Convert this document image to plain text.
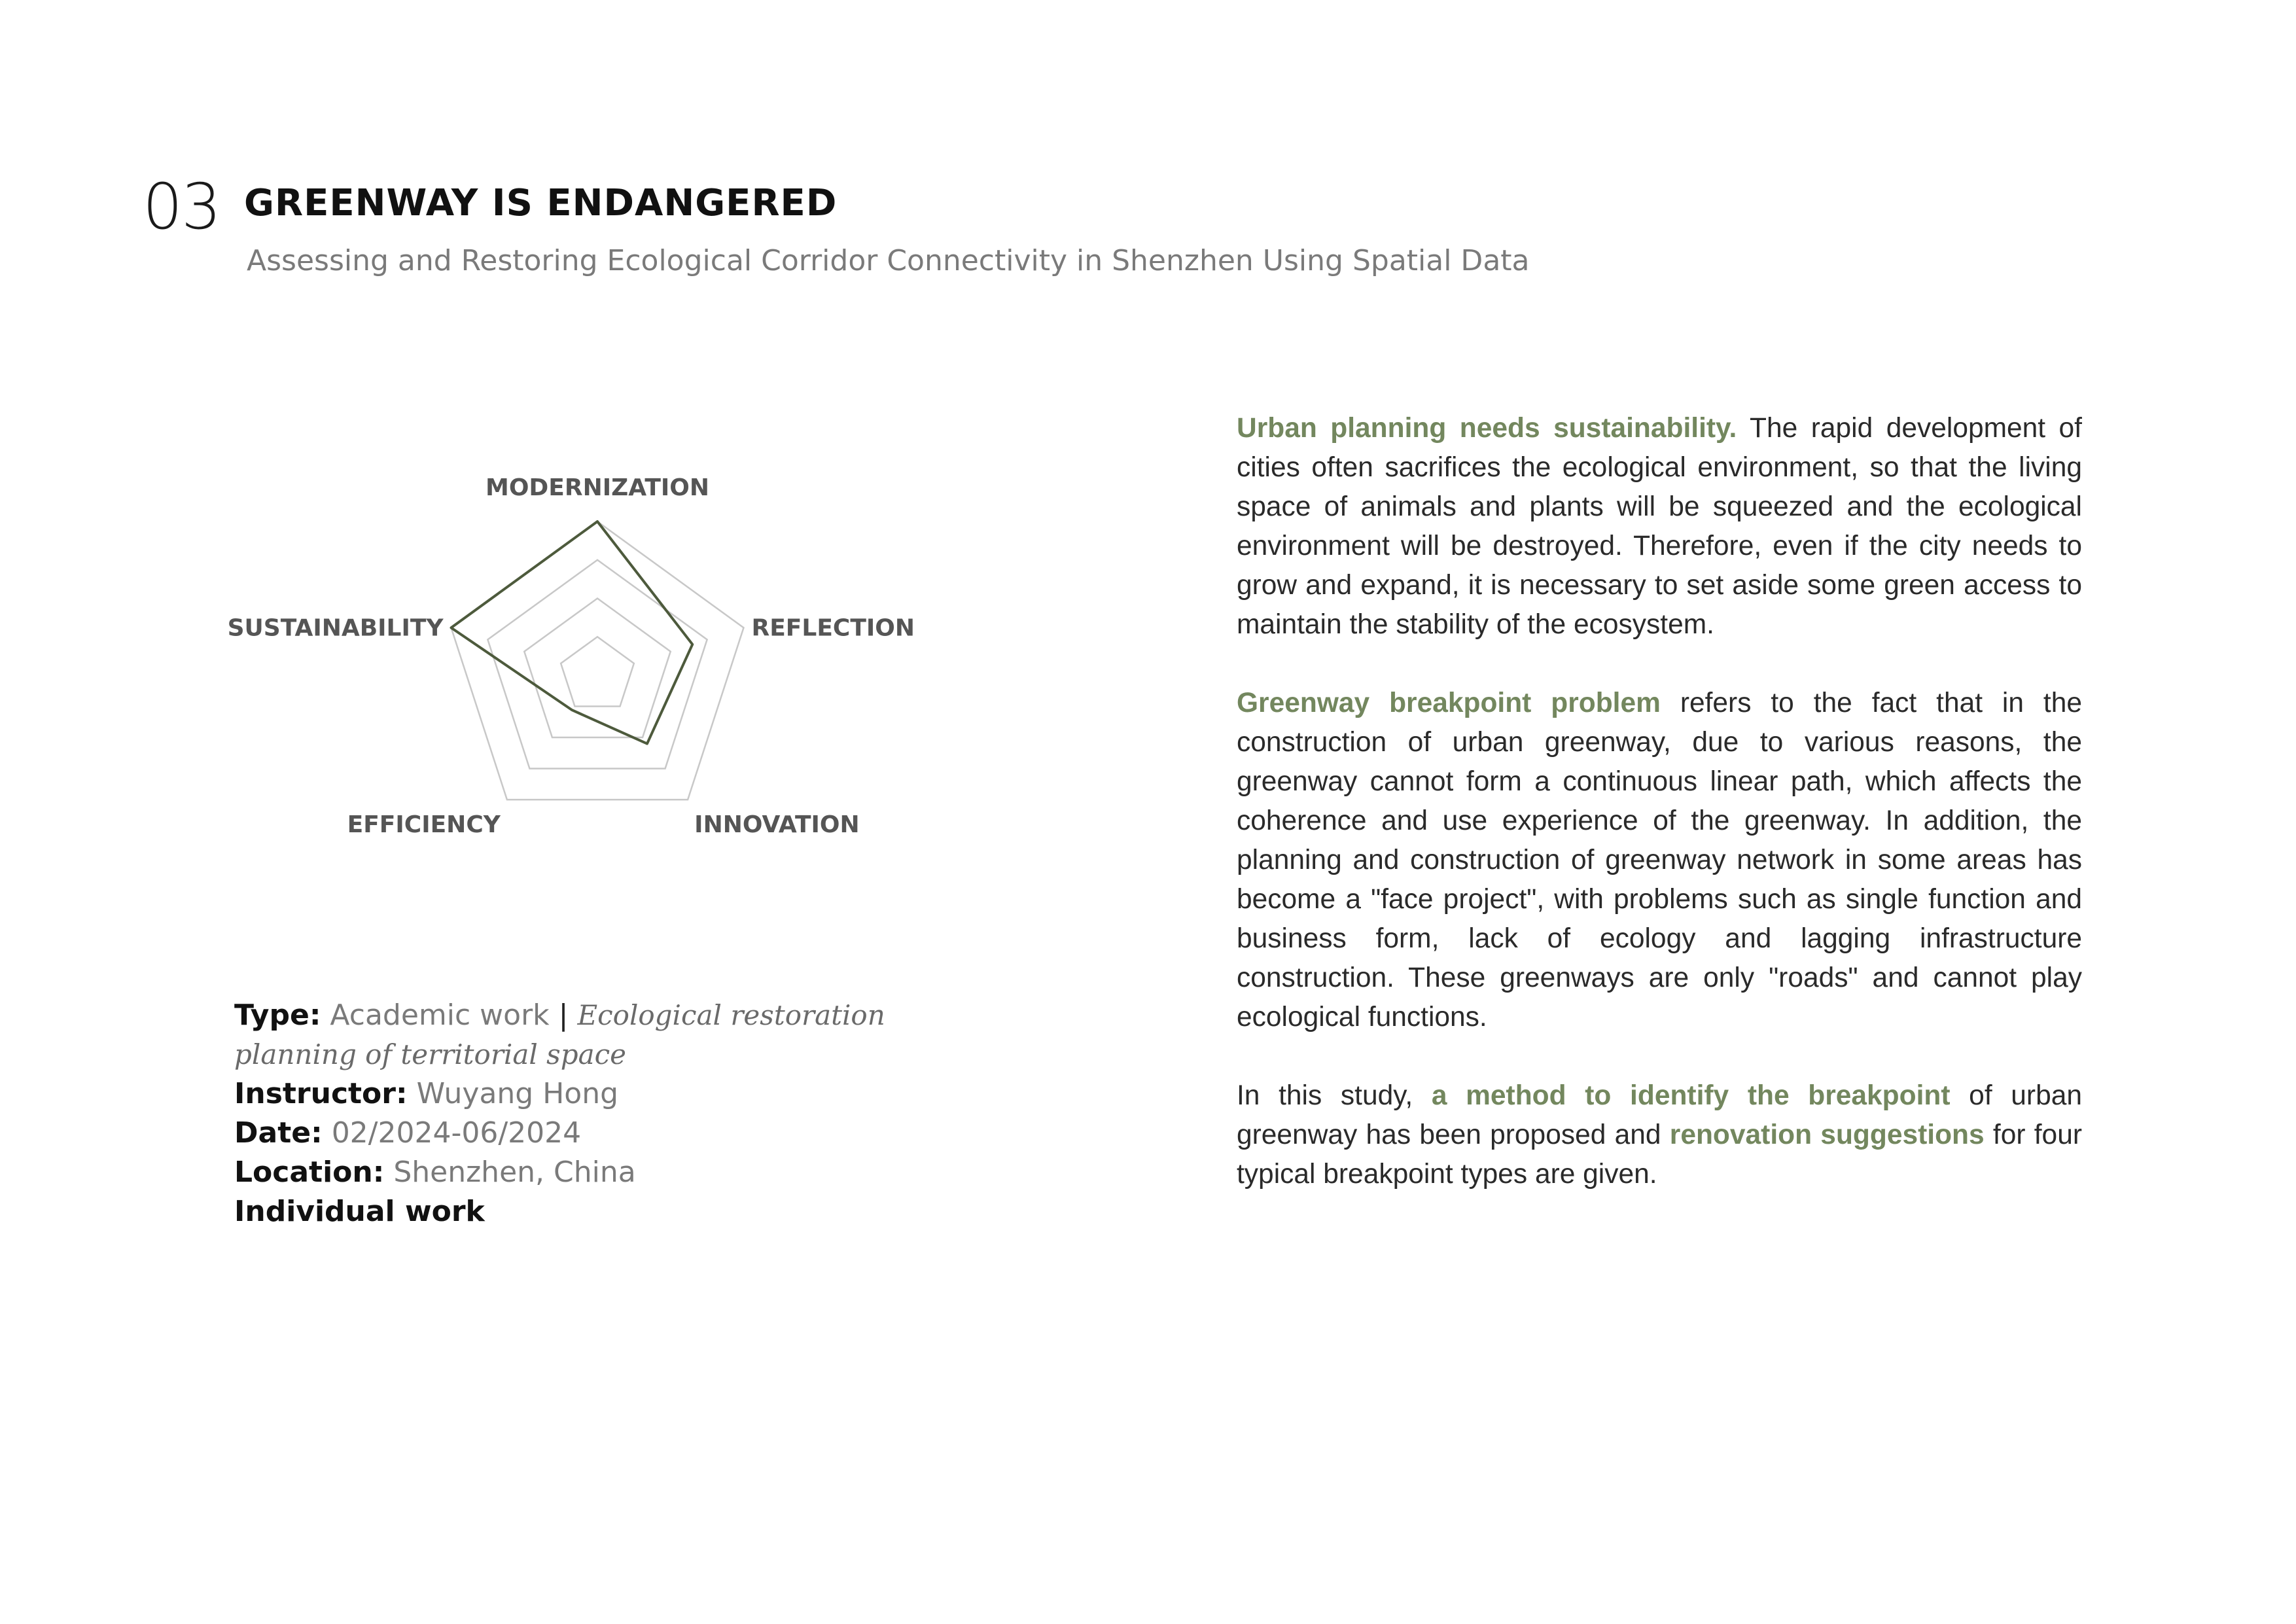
03 GREENWAY IS ENDANGERED
Assessing and Restoring Ecological Corridor Connectivity in Shenzhen Using Spatial Data
MODERNIZATION
REFLECTION
INNOVATION
EFFICIENCY
SUSTAINABILITY
Type: Academic work | Ecological restoration
planning of territorial space
Instructor: Wuyang Hong
Date: 02/2024-06/2024
Location: Shenzhen, China
Individual work

Urban planning needs sustainability. The rapid development of cities often sacrifices the ecological environment, so that the living space of animals and plants will be squeezed and the ecological environment will be destroyed. Therefore, even if the city needs to grow and expand, it is necessary to set aside some green access to maintain the stability of the ecosystem.

Greenway breakpoint problem refers to the fact that in the construction of urban greenway, due to various reasons, the greenway cannot form a continuous linear path, which affects the coherence and use experience of the greenway. In addition, the planning and construction of greenway network in some areas has become a "face project", with problems such as single function and business form, lack of ecology and lagging infrastructure construction. These greenways are only "roads" and cannot play ecological functions.

In this study, a method to identify the breakpoint of urban greenway has been proposed and renovation suggestions for four typical breakpoint types are given.
